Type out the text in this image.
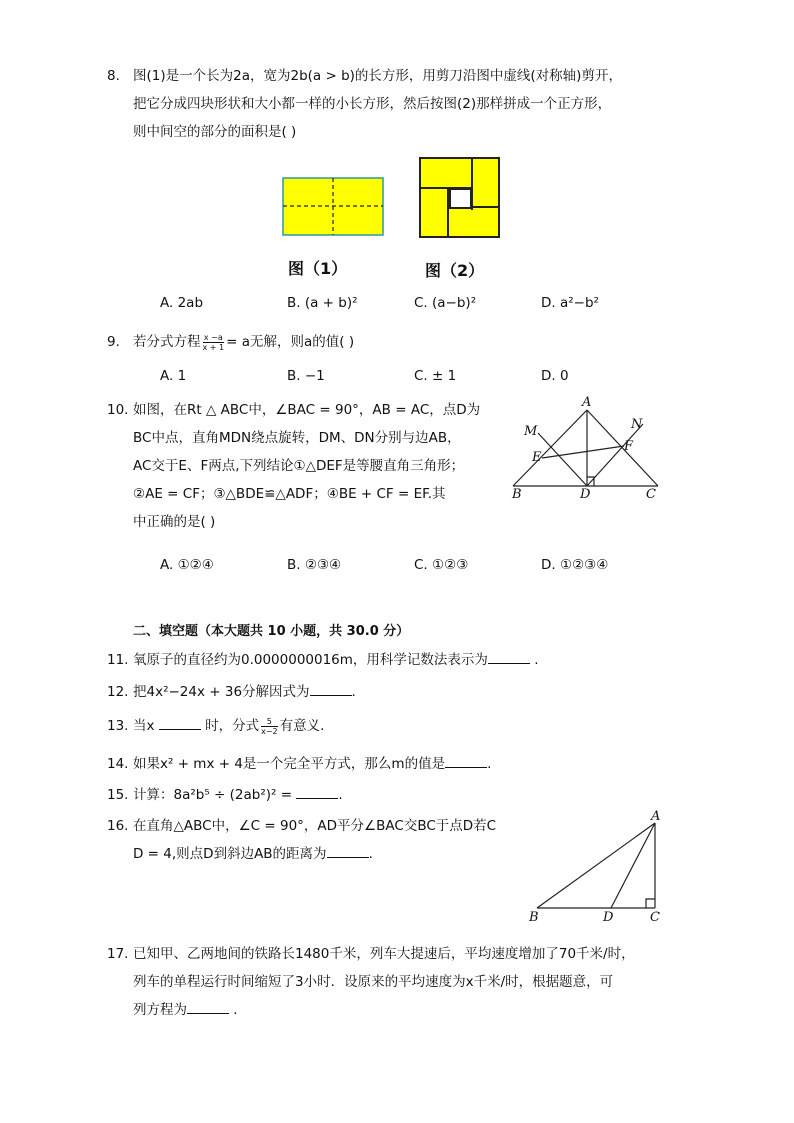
8. 图(1)是一个长为2a，宽为2b(a > b)的长方形，用剪刀沿图中虚线(对称轴)剪开，
把它分成四块形状和大小都一样的小长方形，然后按图(2)那样拼成一个正方形，
则中间空的部分的面积是( )
图（1）	图（2）
A
B	C
D
E
F
M	N
A
B	C
D
A. 2ab	B. (a + b)²	C. (a−b)²	D. a²−b²
9. 若分式方程 $\frac{x -a}{x + 1} = a$无解，则a的值( )
A. 1	B. −1	C. ± 1	D. 0
10. 如图，在Rt △ ABC中，∠BAC = 90°，AB = AC，点D为
BC中点，直角MDN绕点旋转，DM、DN分别与边AB，
AC交于E、F两点,下列结论①△DEF是等腰直角三角形；
②AE = CF；③△BDE≌△ADF；④BE + CF = EF.其
中正确的是( )
A. ①②④	B. ②③④	C. ①②③	D. ①②③④
二、填空题（本大题共 10 小题，共 30.0 分）
11. 氧原子的直径约为0.0000000016m，用科学记数法表示为	.
12. 把4x²−24x + 36分解因式为	.
13. 当x	时，分式 $\frac{5}{x-2}$ 有意义.
14. 如果x² + mx + 4是一个完全平方式，那么m的值是	.
15. 计算：8a²b⁵ ÷ (2ab²)² =	.
16. 在直角△ABC中，∠C = 90°，AD平分∠BAC交BC于点D若C
D = 4,则点D到斜边AB的距离为	.
17. 已知甲、乙两地间的铁路长1480千米，列车大提速后，平均速度增加了70千米/时，
列车的单程运行时间缩短了3小时．设原来的平均速度为x千米/时，根据题意，可
列方程为	.
